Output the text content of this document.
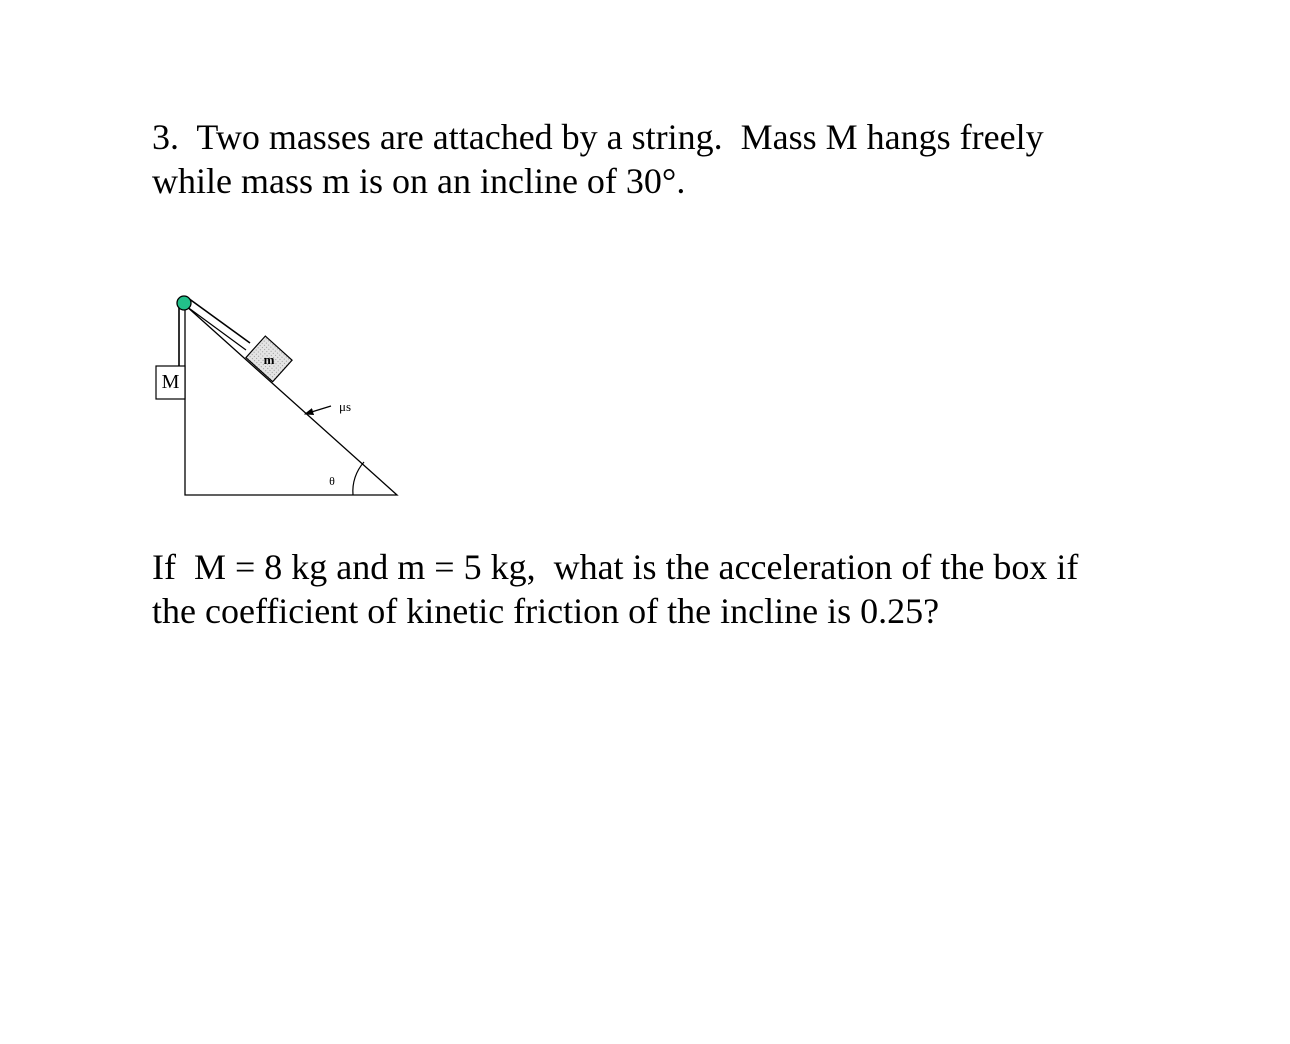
3.  Two masses are attached by a string.  Mass M hangs freely
while mass m is on an incline of 30°.
M
m
μs
θ
If  M = 8 kg and m = 5 kg,  what is the acceleration of the box if
the coefficient of kinetic friction of the incline is 0.25?
